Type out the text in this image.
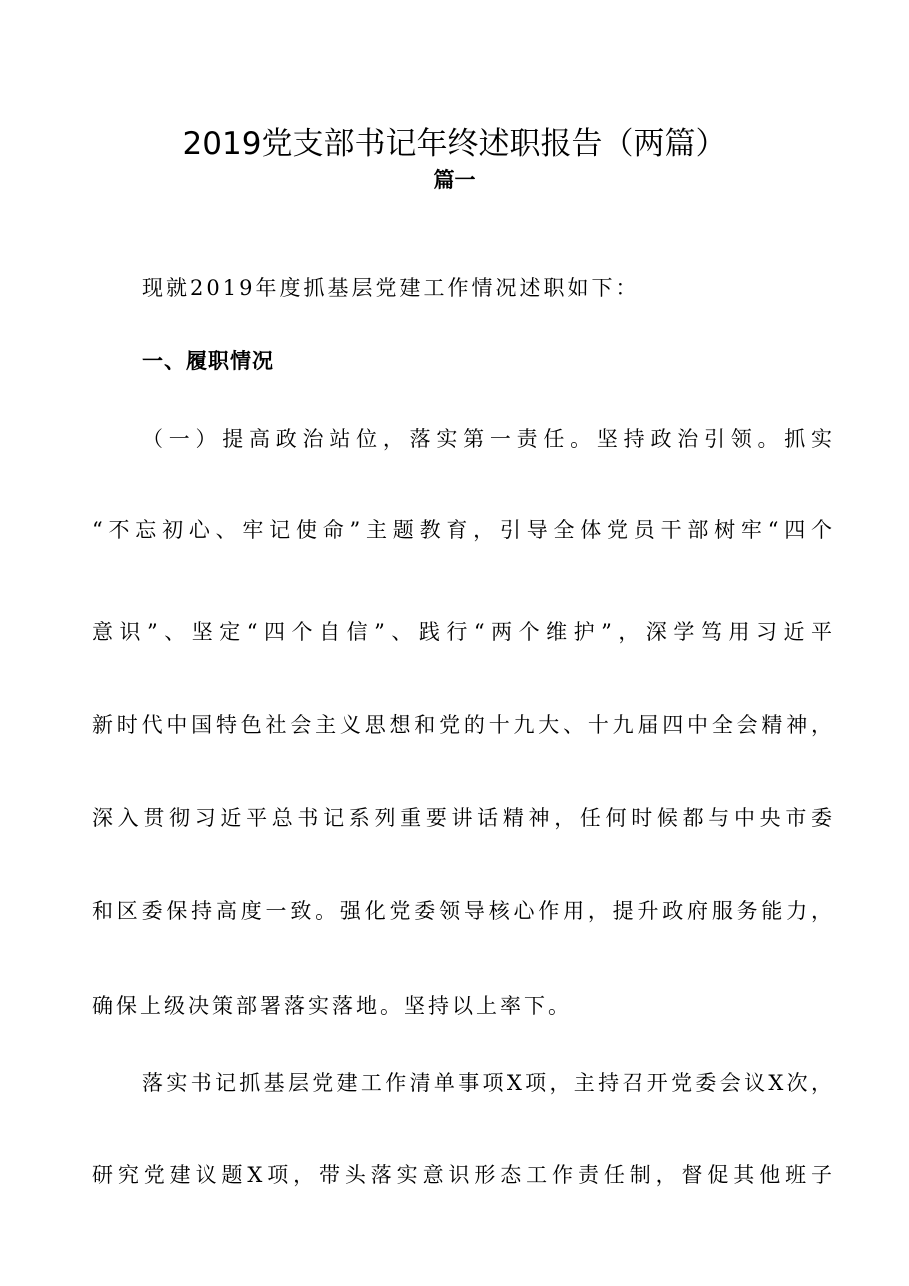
2019党支部书记年终述职报告（两篇）
篇一
现就2019年度抓基层党建工作情况述职如下：
一、履职情况
（一）提高政治站位，落实第一责任。坚持政治引领。抓实
“不忘初心、牢记使命”主题教育，引导全体党员干部树牢“四个
意识”、坚定“四个自信”、践行“两个维护”，深学笃用习近平
新时代中国特色社会主义思想和党的十九大、十九届四中全会精神，
深入贯彻习近平总书记系列重要讲话精神，任何时候都与中央市委
和区委保持高度一致。强化党委领导核心作用，提升政府服务能力，
确保上级决策部署落实落地。坚持以上率下。
落实书记抓基层党建工作清单事项X项，主持召开党委会议X次，
研究党建议题X项，带头落实意识形态工作责任制，督促其他班子
